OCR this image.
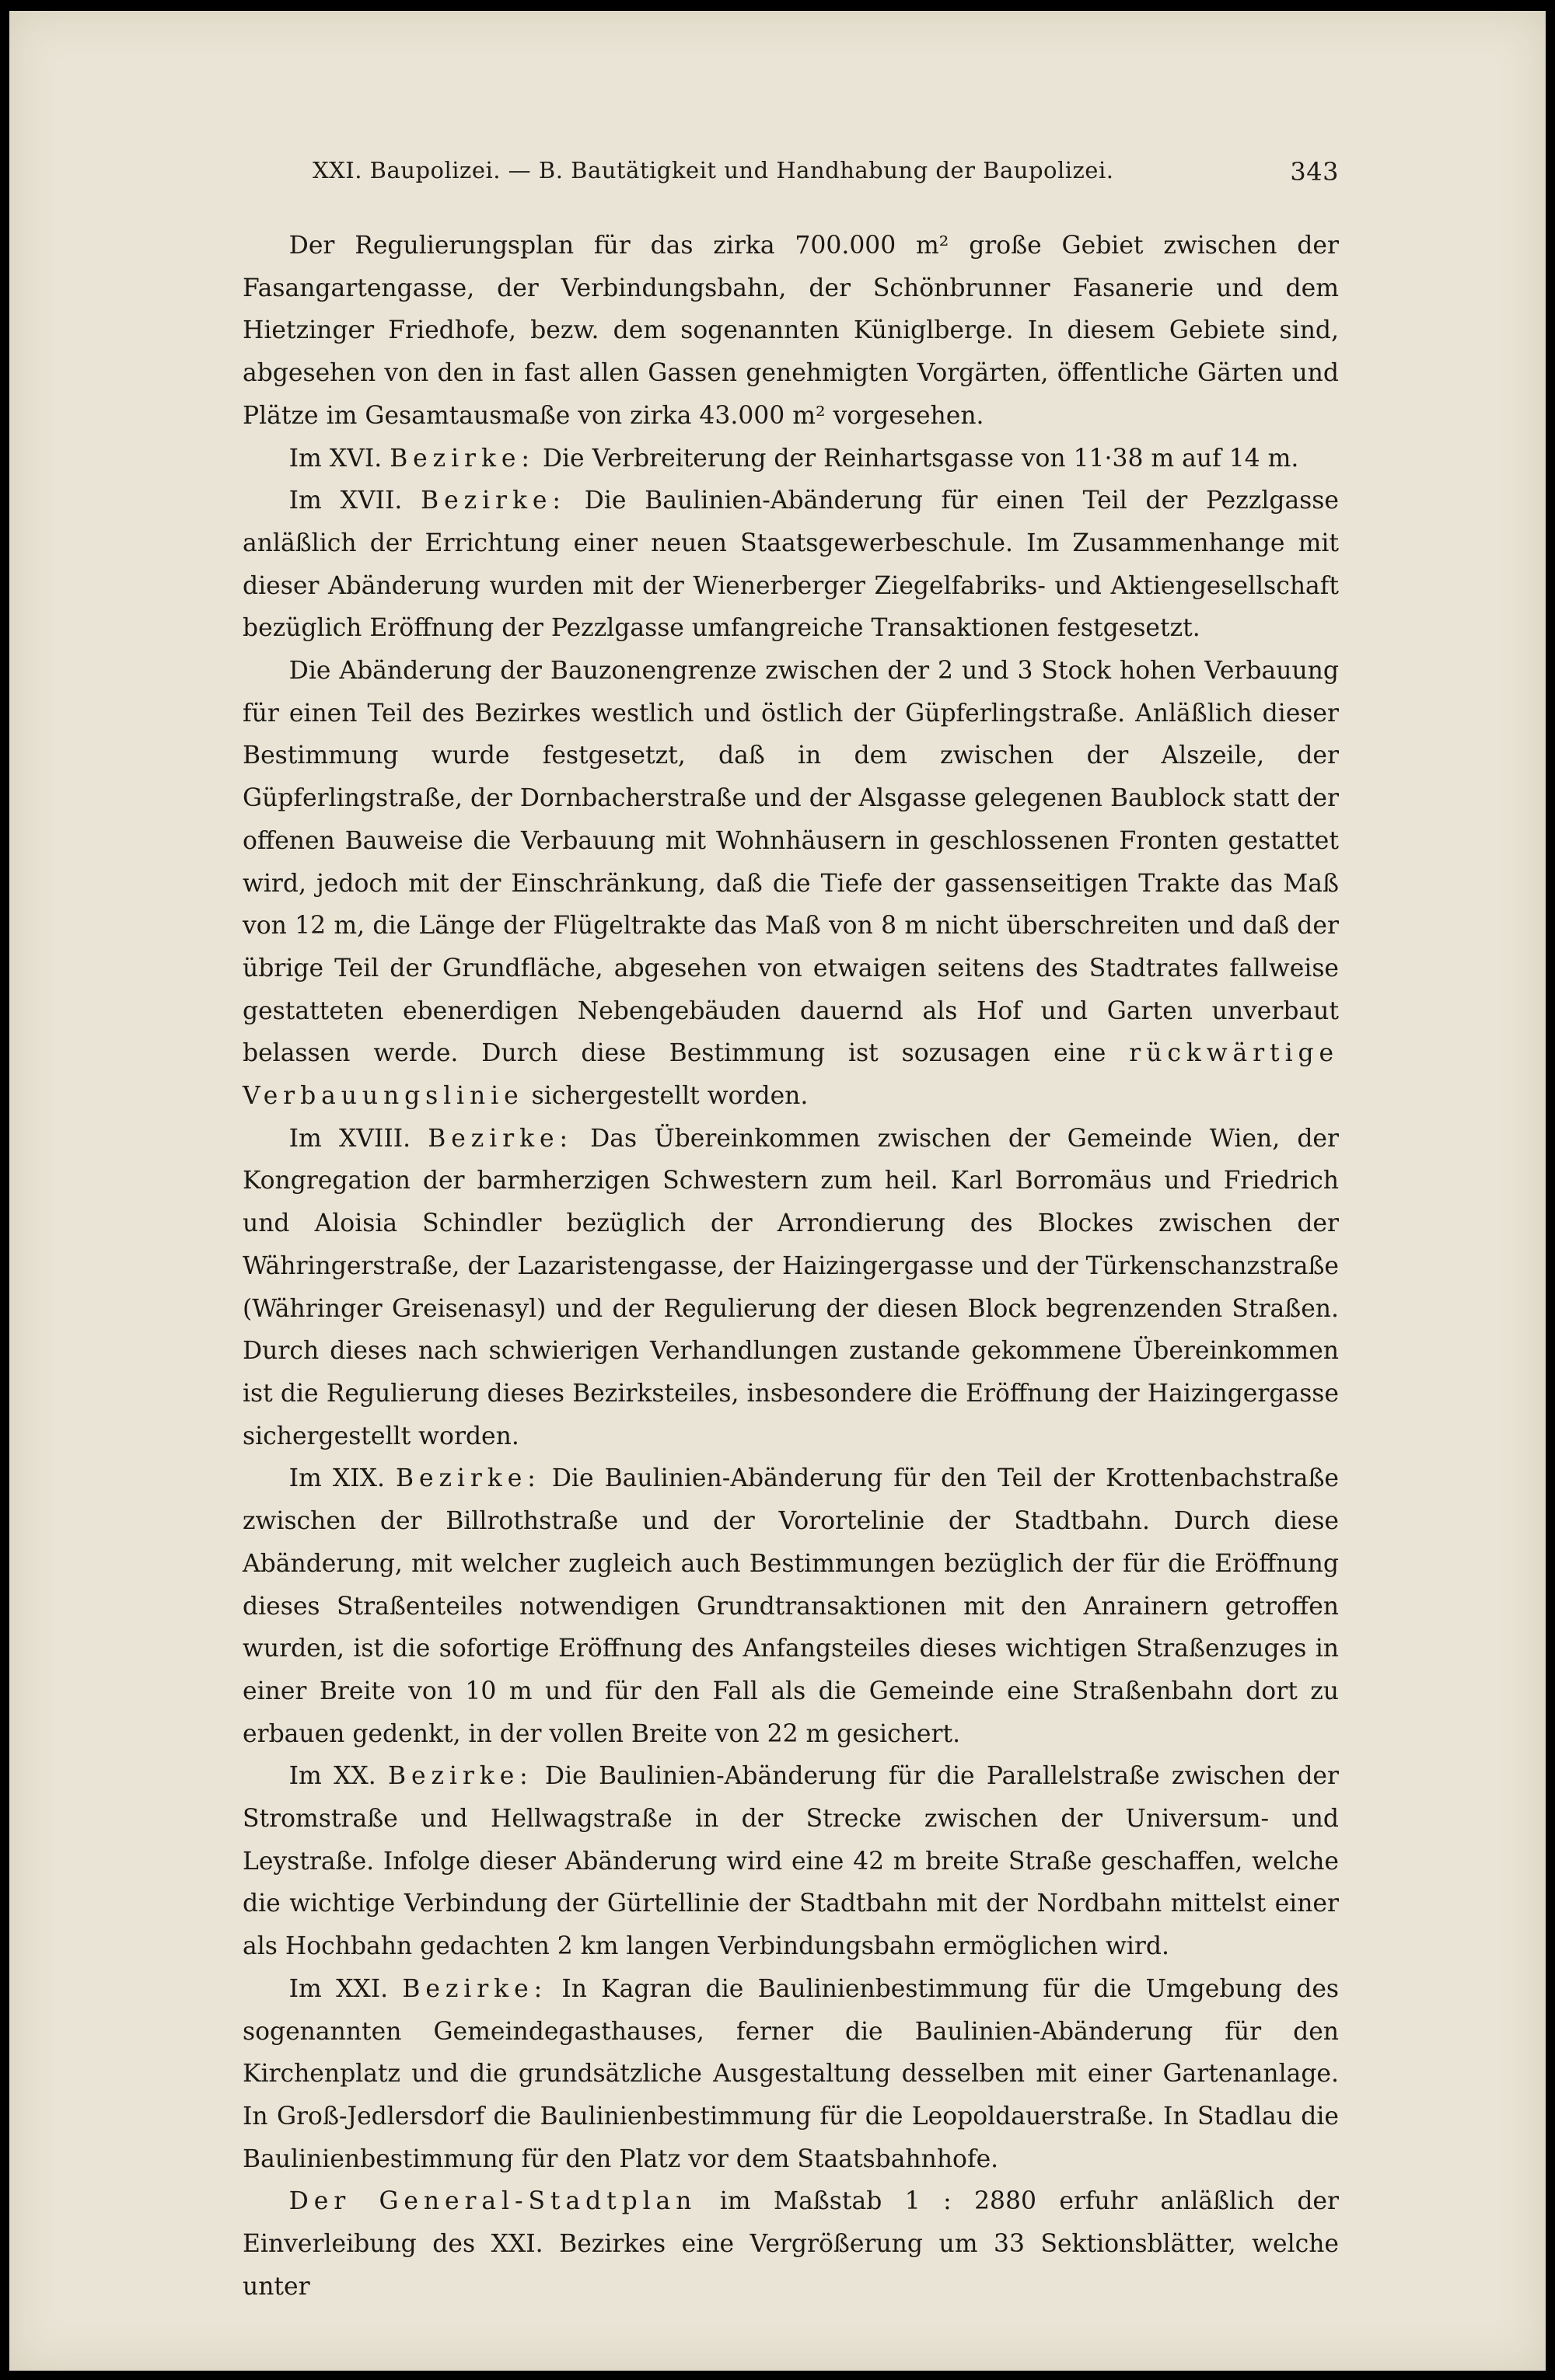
XXI. Baupolizei. — B. Bautätigkeit und Handhabung der Baupolizei.	343

Der Regulierungsplan für das zirka 700.000 m² große Gebiet zwischen der Fasangartengasse, der Verbindungsbahn, der Schönbrunner Fasanerie und dem Hietzinger Friedhofe, bezw. dem sogenannten Küniglberge. In diesem Gebiete sind, abgesehen von den in fast allen Gassen genehmigten Vorgärten, öffentliche Gärten und Plätze im Gesamtausmaße von zirka 43.000 m² vorgesehen.

Im XVI. Bezirke: Die Verbreiterung der Reinhartsgasse von 11·38 m auf 14 m.

Im XVII. Bezirke: Die Baulinien-Abänderung für einen Teil der Pezzlgasse anläßlich der Errichtung einer neuen Staatsgewerbeschule. Im Zusammenhange mit dieser Abänderung wurden mit der Wienerberger Ziegelfabriks- und Aktiengesellschaft bezüglich Eröffnung der Pezzlgasse umfangreiche Transaktionen festgesetzt.

Die Abänderung der Bauzonengrenze zwischen der 2 und 3 Stock hohen Verbauung für einen Teil des Bezirkes westlich und östlich der Güpferlingstraße. Anläßlich dieser Bestimmung wurde festgesetzt, daß in dem zwischen der Alszeile, der Güpferlingstraße, der Dornbacherstraße und der Alsgasse gelegenen Baublock statt der offenen Bauweise die Verbauung mit Wohnhäusern in geschlossenen Fronten gestattet wird, jedoch mit der Einschränkung, daß die Tiefe der gassenseitigen Trakte das Maß von 12 m, die Länge der Flügeltrakte das Maß von 8 m nicht überschreiten und daß der übrige Teil der Grundfläche, abgesehen von etwaigen seitens des Stadtrates fallweise gestatteten ebenerdigen Nebengebäuden dauernd als Hof und Garten unverbaut belassen werde. Durch diese Bestimmung ist sozusagen eine rückwärtige Verbauungslinie sichergestellt worden.

Im XVIII. Bezirke: Das Übereinkommen zwischen der Gemeinde Wien, der Kongregation der barmherzigen Schwestern zum heil. Karl Borromäus und Friedrich und Aloisia Schindler bezüglich der Arrondierung des Blockes zwischen der Währingerstraße, der Lazaristengasse, der Haizingergasse und der Türkenschanzstraße (Währinger Greisenasyl) und der Regulierung der diesen Block begrenzenden Straßen. Durch dieses nach schwierigen Verhandlungen zustande gekommene Übereinkommen ist die Regulierung dieses Bezirksteiles, insbesondere die Eröffnung der Haizingergasse sichergestellt worden.

Im XIX. Bezirke: Die Baulinien-Abänderung für den Teil der Krottenbachstraße zwischen der Billrothstraße und der Vorortelinie der Stadtbahn. Durch diese Abänderung, mit welcher zugleich auch Bestimmungen bezüglich der für die Eröffnung dieses Straßenteiles notwendigen Grundtransaktionen mit den Anrainern getroffen wurden, ist die sofortige Eröffnung des Anfangsteiles dieses wichtigen Straßenzuges in einer Breite von 10 m und für den Fall als die Gemeinde eine Straßenbahn dort zu erbauen gedenkt, in der vollen Breite von 22 m gesichert.

Im XX. Bezirke: Die Baulinien-Abänderung für die Parallelstraße zwischen der Stromstraße und Hellwagstraße in der Strecke zwischen der Universum- und Leystraße. Infolge dieser Abänderung wird eine 42 m breite Straße geschaffen, welche die wichtige Verbindung der Gürtellinie der Stadtbahn mit der Nordbahn mittelst einer als Hochbahn gedachten 2 km langen Verbindungsbahn ermöglichen wird.

Im XXI. Bezirke: In Kagran die Baulinienbestimmung für die Umgebung des sogenannten Gemeindegasthauses, ferner die Baulinien-Abänderung für den Kirchenplatz und die grundsätzliche Ausgestaltung desselben mit einer Gartenanlage. In Groß-Jedlersdorf die Baulinienbestimmung für die Leopoldauerstraße. In Stadlau die Baulinienbestimmung für den Platz vor dem Staatsbahnhofe.

Der General-Stadtplan im Maßstab 1 : 2880 erfuhr anläßlich der Einverleibung des XXI. Bezirkes eine Vergrößerung um 33 Sektionsblätter, welche unter
